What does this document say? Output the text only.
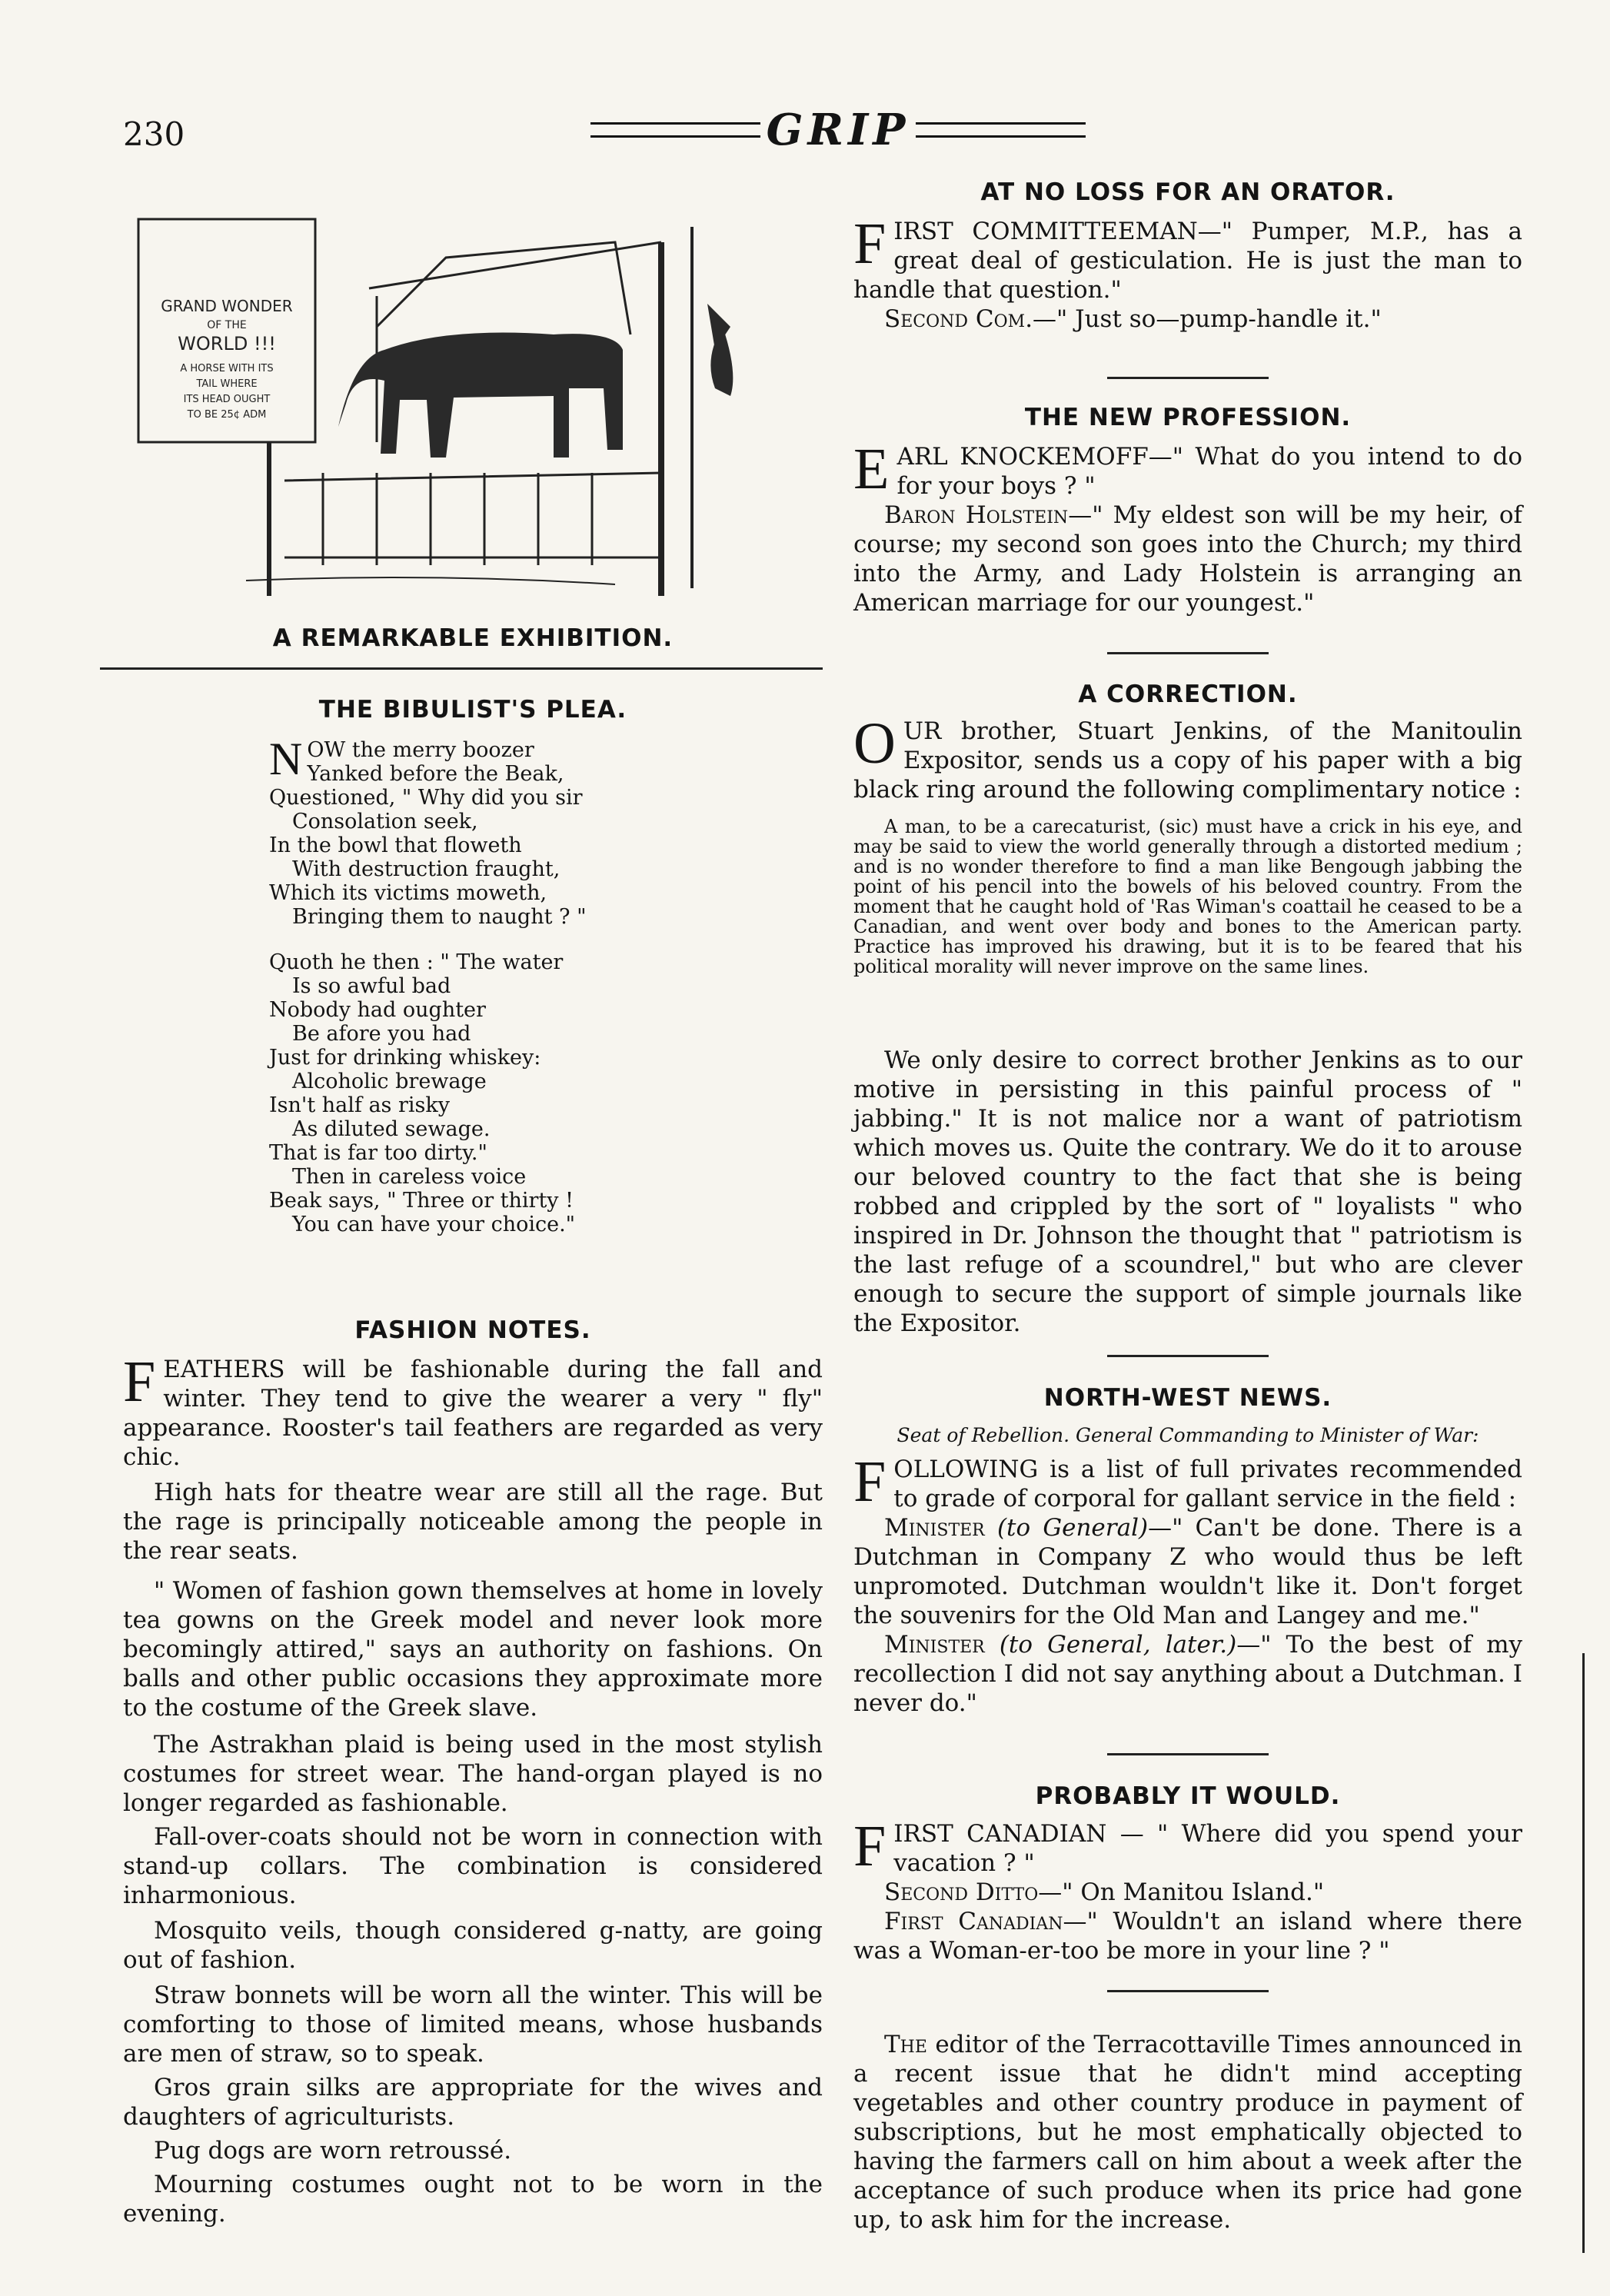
230	GRIP
GRAND WONDER
OF THE
WORLD !!!
A HORSE WITH ITS
TAIL WHERE
ITS HEAD OUGHT
TO BE 25¢ ADM
A REMARKABLE EXHIBITION.
THE BIBULIST'S PLEA.
N OW the merry boozer
Yanked before the Beak,
Questioned, " Why did you sir
Consolation seek,
In the bowl that floweth
With destruction fraught,
Which its victims moweth,
Bringing them to naught ? "
Quoth he then : " The water
Is so awful bad
Nobody had oughter
Be afore you had
Just for drinking whiskey:
Alcoholic brewage
Isn't half as risky
As diluted sewage.
That is far too dirty."
Then in careless voice
Beak says, " Three or thirty !
You can have your choice."
FASHION NOTES.
FEATHERS will be fashionable during the fall and winter. They tend to give the wearer a very " fly" appearance. Rooster's tail feathers are regarded as very chic.
High hats for theatre wear are still all the rage. But the rage is principally noticeable among the people in the rear seats.
" Women of fashion gown themselves at home in lovely tea gowns on the Greek model and never look more becomingly attired," says an authority on fashions. On balls and other public occasions they approximate more to the costume of the Greek slave.
The Astrakhan plaid is being used in the most stylish costumes for street wear. The hand-organ played is no longer regarded as fashionable.
Fall-over-coats should not be worn in connection with stand-up collars. The combination is considered inharmonious.
Mosquito veils, though considered g-natty, are going out of fashion.
Straw bonnets will be worn all the winter. This will be comforting to those of limited means, whose husbands are men of straw, so to speak.
Gros grain silks are appropriate for the wives and daughters of agriculturists.
Pug dogs are worn retroussé.
Mourning costumes ought not to be worn in the evening.
AT NO LOSS FOR AN ORATOR.
FIRST COMMITTEEMAN—" Pumper, M.P., has a great deal of gesticulation. He is just the man to handle that question."
Second Com.—" Just so—pump-handle it."
THE NEW PROFESSION.
EARL KNOCKEMOFF—" What do you intend to do for your boys ? "
Baron Holstein—" My eldest son will be my heir, of course; my second son goes into the Church; my third into the Army, and Lady Holstein is arranging an American marriage for our youngest."
A CORRECTION.
OUR brother, Stuart Jenkins, of the Manitoulin Expositor, sends us a copy of his paper with a big black ring around the following complimentary notice :
A man, to be a carecaturist, (sic) must have a crick in his eye, and may be said to view the world generally through a distorted medium ; and is no wonder therefore to find a man like Bengough jabbing the point of his pencil into the bowels of his beloved country. From the moment that he caught hold of 'Ras Wiman's coattail he ceased to be a Canadian, and went over body and bones to the American party. Practice has improved his drawing, but it is to be feared that his political morality will never improve on the same lines.
We only desire to correct brother Jenkins as to our motive in persisting in this painful process of " jabbing." It is not malice nor a want of patriotism which moves us. Quite the contrary. We do it to arouse our beloved country to the fact that she is being robbed and crippled by the sort of " loyalists " who inspired in Dr. Johnson the thought that " patriotism is the last refuge of a scoundrel," but who are clever enough to secure the support of simple journals like the Expositor.
NORTH-WEST NEWS.
Seat of Rebellion. General Commanding to Minister of War:
FOLLOWING is a list of full privates recommended to grade of corporal for gallant service in the field :
Minister (to General)—" Can't be done. There is a Dutchman in Company Z who would thus be left unpromoted. Dutchman wouldn't like it. Don't forget the souvenirs for the Old Man and Langey and me."
Minister (to General, later.)—" To the best of my recollection I did not say anything about a Dutchman. I never do."
PROBABLY IT WOULD.
FIRST CANADIAN — " Where did you spend your vacation ? "
Second Ditto—" On Manitou Island."
First Canadian—" Wouldn't an island where there was a Woman-er-too be more in your line ? "
The editor of the Terracottaville Times announced in a recent issue that he didn't mind accepting vegetables and other country produce in payment of subscriptions, but he most emphatically objected to having the farmers call on him about a week after the acceptance of such produce when its price had gone up, to ask him for the increase.
